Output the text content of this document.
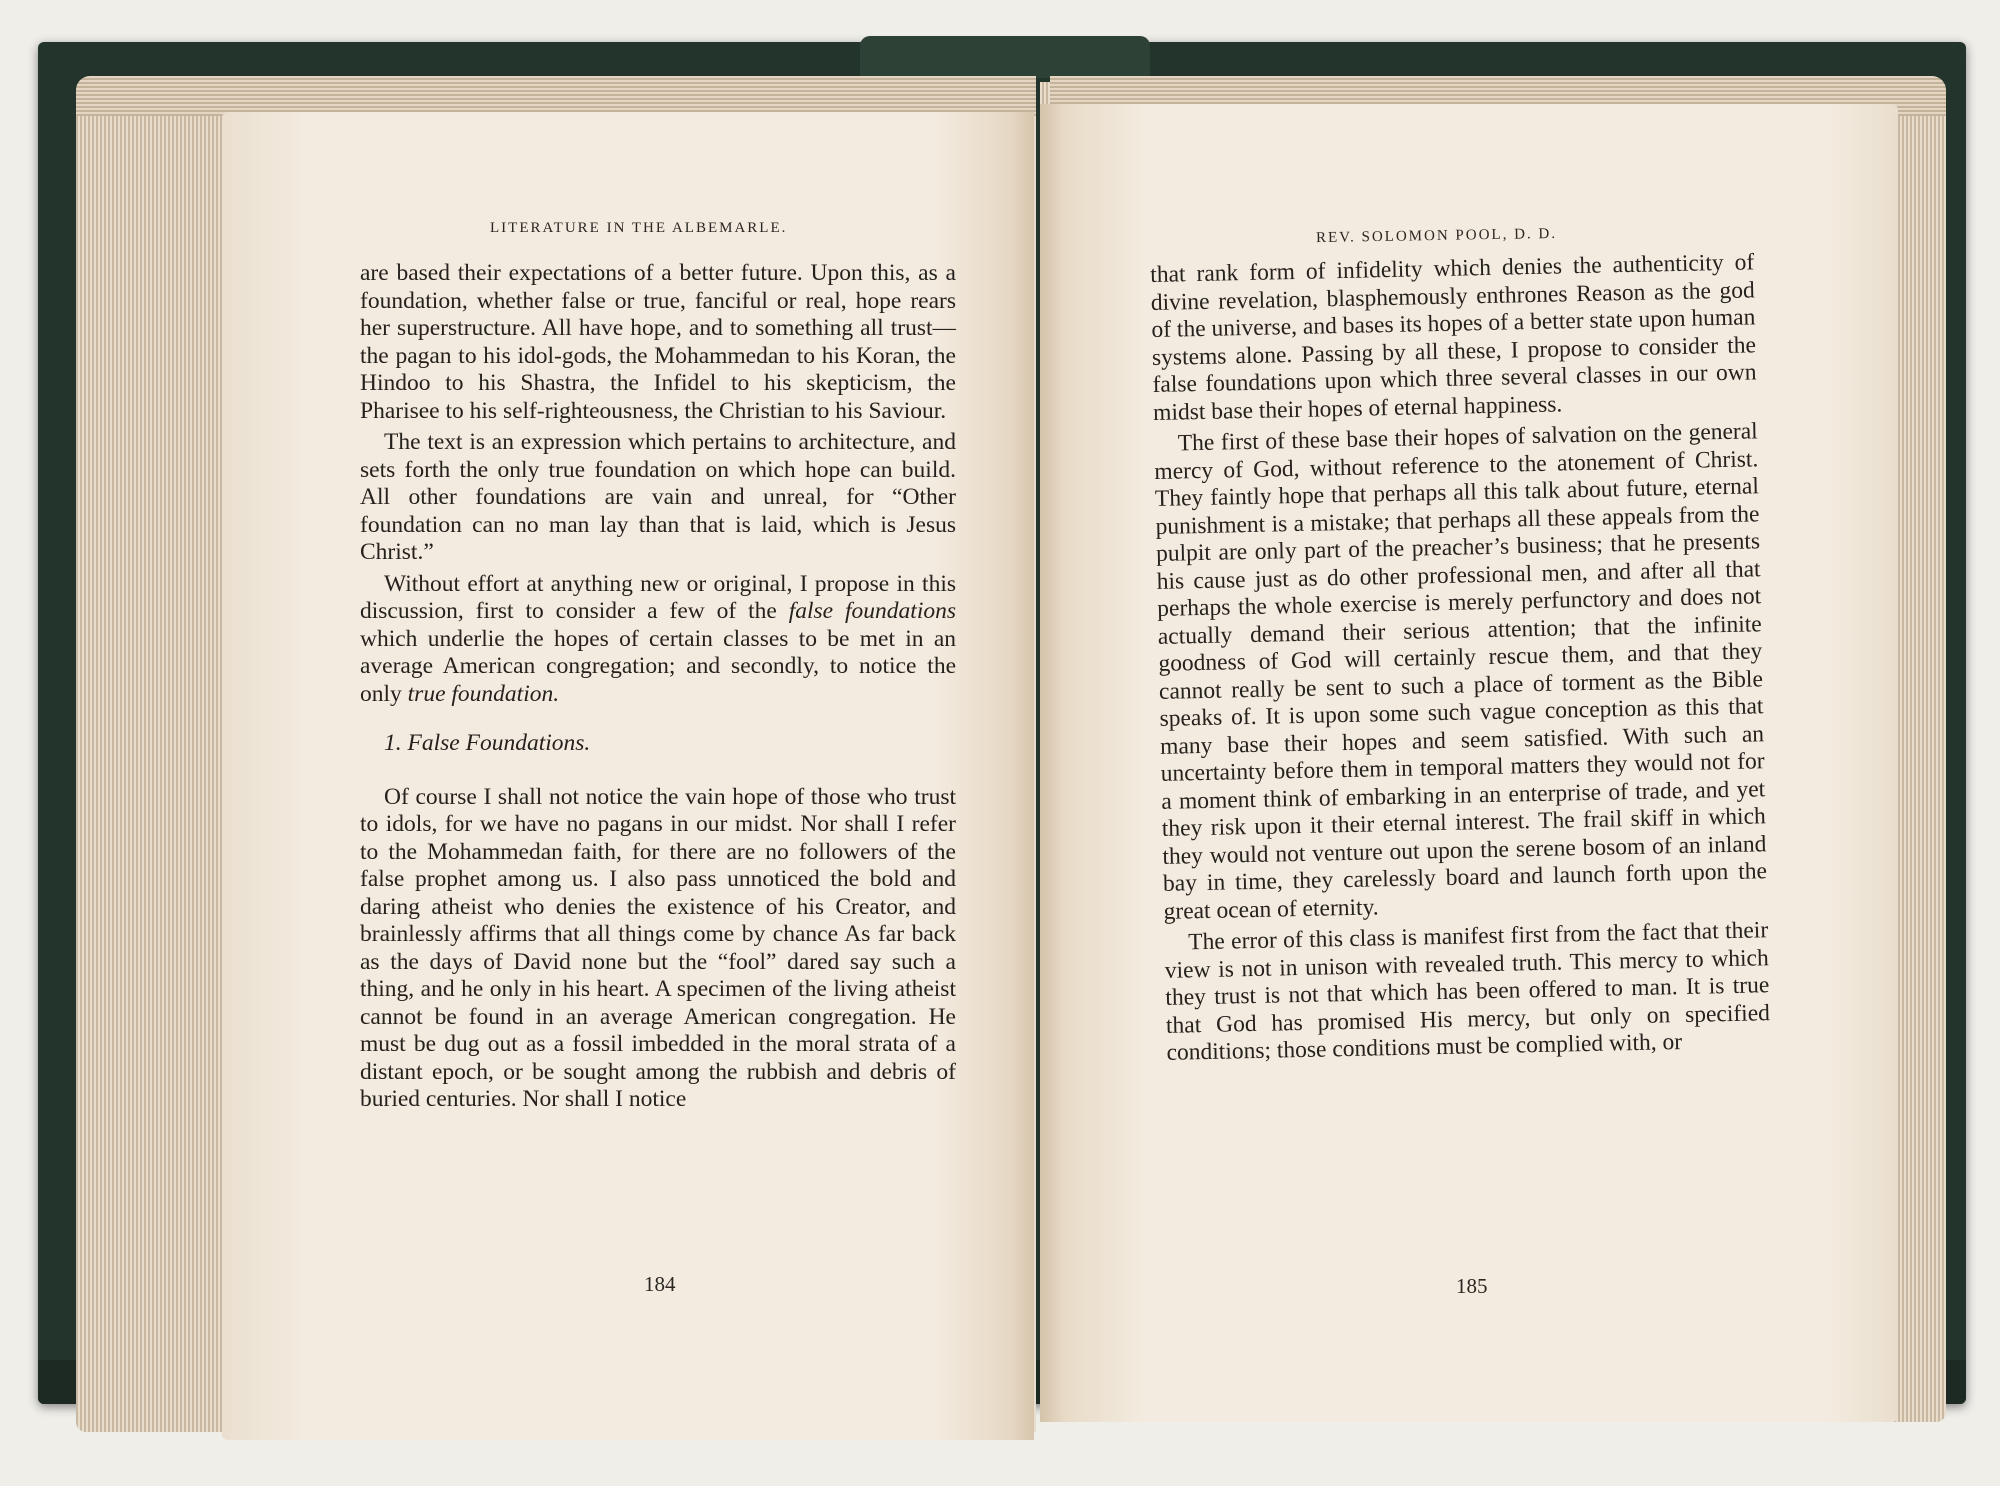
LITERATURE IN THE ALBEMARLE.

are based their expectations of a better future. Upon this, as a foundation, whether false or true, fanciful or real, hope rears her superstructure. All have hope, and to something all trust—the pagan to his idol-gods, the Mohammedan to his Koran, the Hindoo to his Shastra, the Infidel to his skepticism, the Pharisee to his self-righteousness, the Christian to his Saviour.

The text is an expression which pertains to architecture, and sets forth the only true foundation on which hope can build. All other foundations are vain and unreal, for “Other foundation can no man lay than that is laid, which is Jesus Christ.”

Without effort at anything new or original, I propose in this discussion, first to consider a few of the false foundations which underlie the hopes of certain classes to be met in an average American congregation; and secondly, to notice the only true foundation.

1. False Foundations.

Of course I shall not notice the vain hope of those who trust to idols, for we have no pagans in our midst. Nor shall I refer to the Mohammedan faith, for there are no followers of the false prophet among us. I also pass unnoticed the bold and daring atheist who denies the existence of his Creator, and brainlessly affirms that all things come by chance As far back as the days of David none but the “fool” dared say such a thing, and he only in his heart. A specimen of the living atheist cannot be found in an average American congregation. He must be dug out as a fossil imbedded in the moral strata of a distant epoch, or be sought among the rubbish and debris of buried centuries. Nor shall I notice

184
REV. SOLOMON POOL, D. D.

that rank form of infidelity which denies the authenticity of divine revelation, blasphemously enthrones Reason as the god of the universe, and bases its hopes of a better state upon human systems alone. Passing by all these, I propose to consider the false foundations upon which three several classes in our own midst base their hopes of eternal happiness.

The first of these base their hopes of salvation on the general mercy of God, without reference to the atonement of Christ. They faintly hope that perhaps all this talk about future, eternal punishment is a mistake; that perhaps all these appeals from the pulpit are only part of the preacher’s business; that he presents his cause just as do other professional men, and after all that perhaps the whole exercise is merely perfunctory and does not actually demand their serious attention; that the infinite goodness of God will certainly rescue them, and that they cannot really be sent to such a place of torment as the Bible speaks of. It is upon some such vague conception as this that many base their hopes and seem satisfied. With such an uncertainty before them in temporal matters they would not for a moment think of embarking in an enterprise of trade, and yet they risk upon it their eternal interest. The frail skiff in which they would not venture out upon the serene bosom of an inland bay in time, they carelessly board and launch forth upon the great ocean of eternity.

The error of this class is manifest first from the fact that their view is not in unison with revealed truth. This mercy to which they trust is not that which has been offered to man. It is true that God has promised His mercy, but only on specified conditions; those conditions must be complied with, or

185
